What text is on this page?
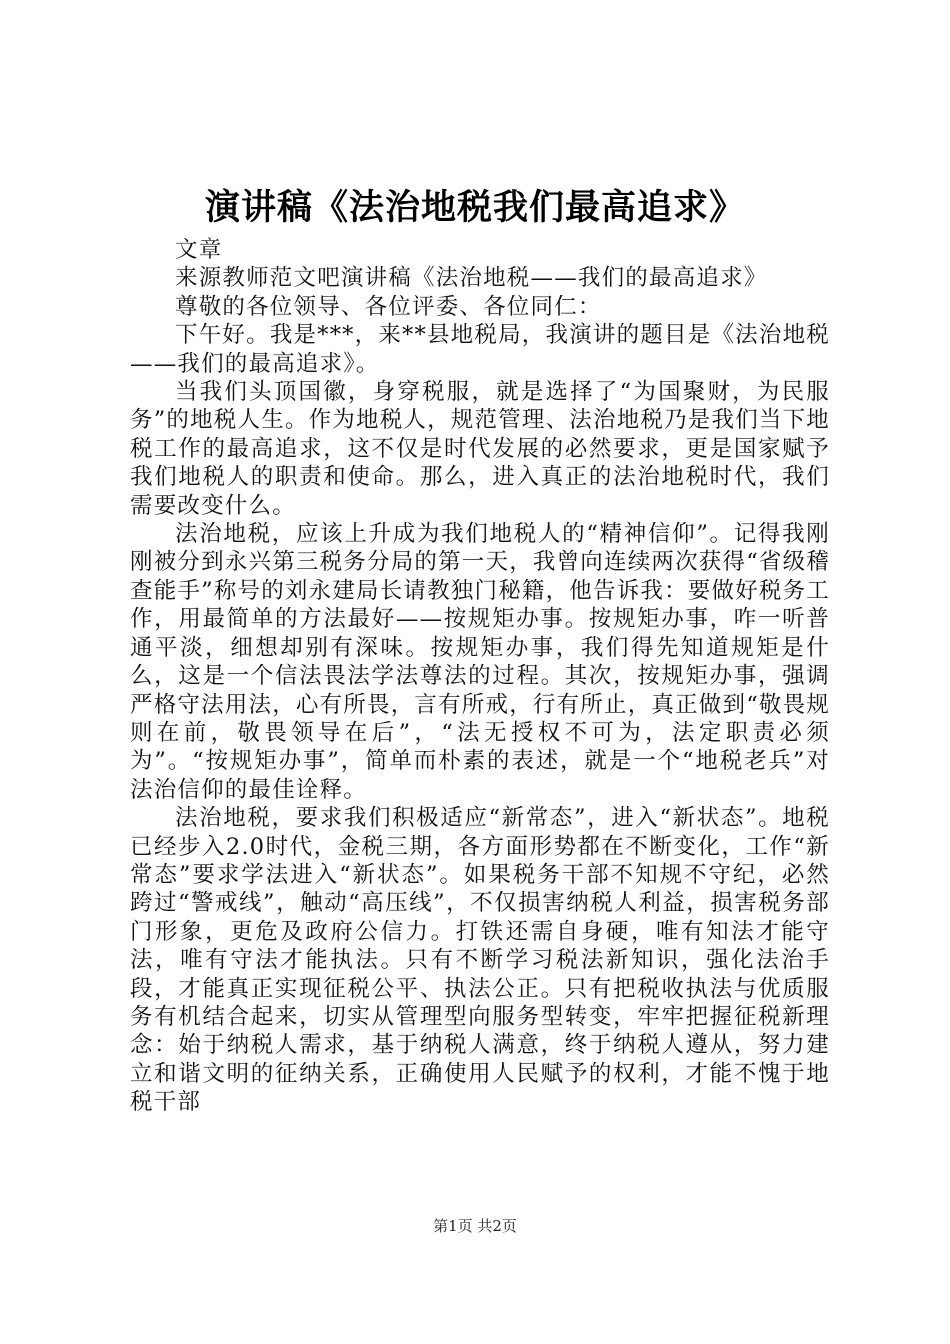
演讲稿《法治地税我们最高追求》

文章

来源教师范文吧演讲稿《法治地税——我们的最高追求》

尊敬的各位领导、各位评委、各位同仁：

下午好。我是***，来**县地税局，我演讲的题目是《法治地税——我们的最高追求》。

当我们头顶国徽，身穿税服，就是选择了“为国聚财，为民服务”的地税人生。作为地税人，规范管理、法治地税乃是我们当下地税工作的最高追求，这不仅是时代发展的必然要求，更是国家赋予我们地税人的职责和使命。那么，进入真正的法治地税时代，我们需要改变什么。

法治地税，应该上升成为我们地税人的“精神信仰”。记得我刚刚被分到永兴第三税务分局的第一天，我曾向连续两次获得“省级稽查能手”称号的刘永建局长请教独门秘籍，他告诉我：要做好税务工作，用最简单的方法最好——按规矩办事。按规矩办事，咋一听普通平淡，细想却别有深味。按规矩办事，我们得先知道规矩是什么，这是一个信法畏法学法尊法的过程。其次，按规矩办事，强调严格守法用法，心有所畏，言有所戒，行有所止，真正做到“敬畏规则在前，敬畏领导在后”，“法无授权不可为，法定职责必须为”。“按规矩办事”，简单而朴素的表述，就是一个“地税老兵”对法治信仰的最佳诠释。

法治地税，要求我们积极适应“新常态”，进入“新状态”。地税已经步入2.0时代，金税三期，各方面形势都在不断变化，工作“新常态”要求学法进入“新状态”。如果税务干部不知规不守纪，必然跨过“警戒线”，触动“高压线”，不仅损害纳税人利益，损害税务部门形象，更危及政府公信力。打铁还需自身硬，唯有知法才能守法，唯有守法才能执法。只有不断学习税法新知识，强化法治手段，才能真正实现征税公平、执法公正。只有把税收执法与优质服务有机结合起来，切实从管理型向服务型转变，牢牢把握征税新理念：始于纳税人需求，基于纳税人满意，终于纳税人遵从，努力建立和谐文明的征纳关系，正确使用人民赋予的权利，才能不愧于地税干部

第1页 共2页
